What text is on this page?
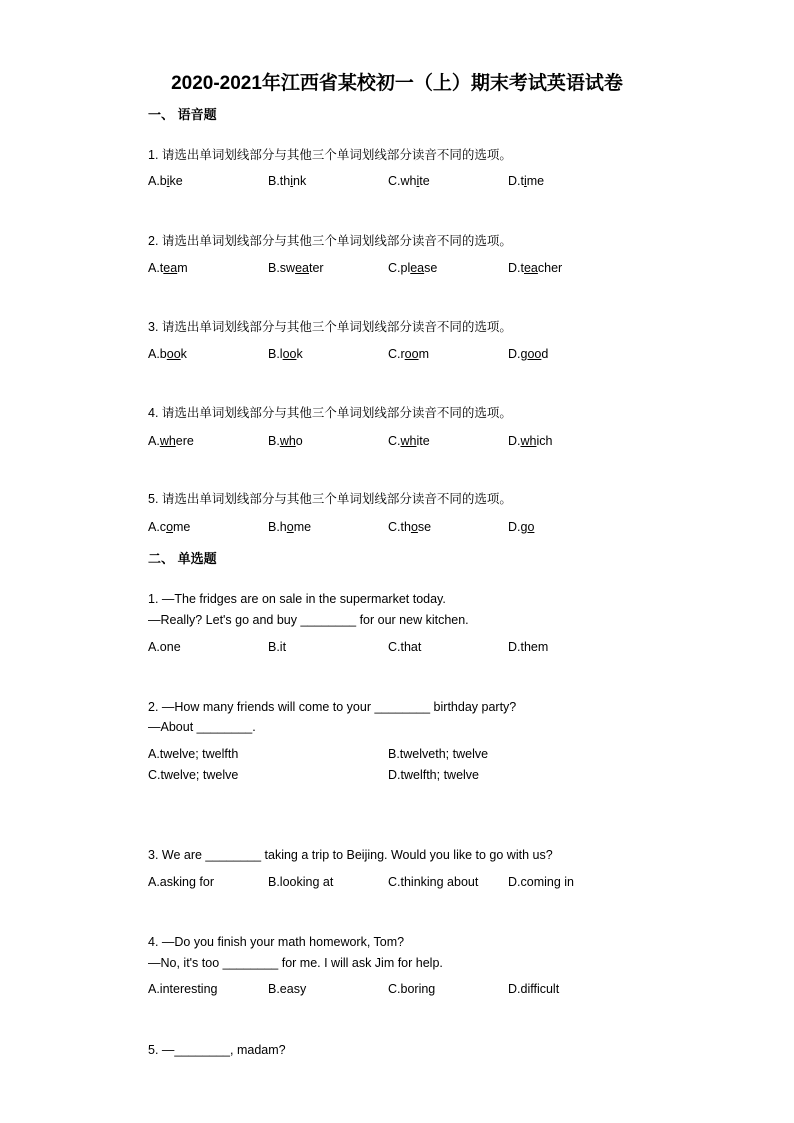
2020-2021年江西省某校初一（上）期末考试英语试卷
一、 语音题
1. 请选出单词划线部分与其他三个单词划线部分读音不同的选项。
A.bike	B.think	C.white	D.time
2. 请选出单词划线部分与其他三个单词划线部分读音不同的选项。
A.team	B.sweater	C.please	D.teacher
3. 请选出单词划线部分与其他三个单词划线部分读音不同的选项。
A.book	B.look	C.room	D.good
4. 请选出单词划线部分与其他三个单词划线部分读音不同的选项。
A.where	B.who	C.white	D.which
5. 请选出单词划线部分与其他三个单词划线部分读音不同的选项。
A.come	B.home	C.those	D.go
二、 单选题
1. —The fridges are on sale in the supermarket today.
—Really? Let's go and buy ________ for our new kitchen.
A.one	B.it	C.that	D.them
2. —How many friends will come to your ________ birthday party?
—About ________.
A.twelve; twelfth	B.twelveth; twelve
C.twelve; twelve	D.twelfth; twelve
3. We are ________ taking a trip to Beijing. Would you like to go with us?
A.asking for	B.looking at	C.thinking about D.coming in
4. —Do you finish your math homework, Tom?
—No, it's too ________ for me. I will ask Jim for help.
A.interesting	B.easy	C.boring	D.difficult
5. —________, madam?
